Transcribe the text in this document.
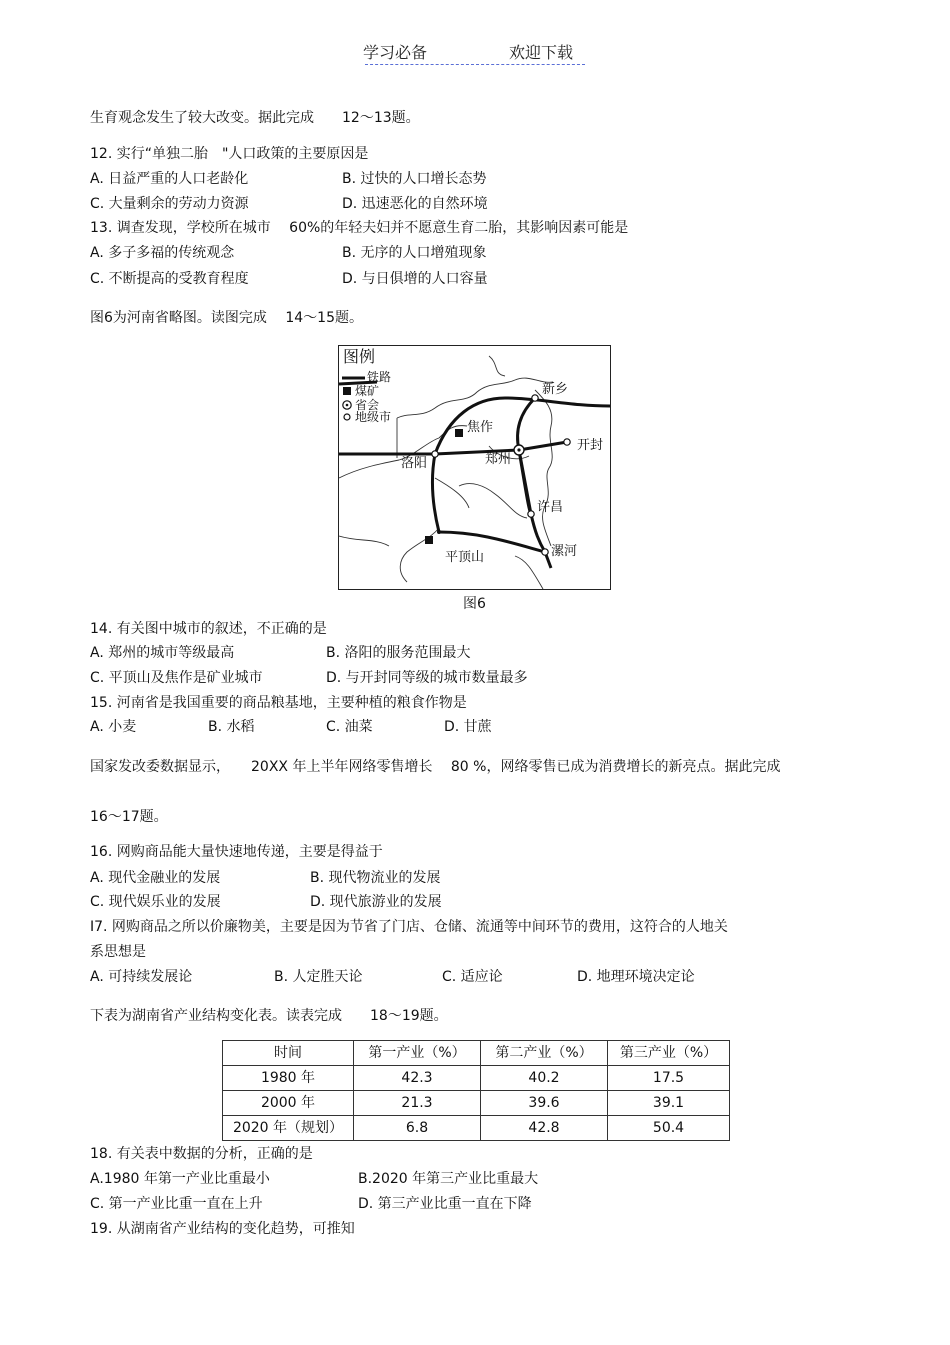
学习必备	欢迎下载
生育观念发生了较大改变。据此完成　　12～13题。
12. 实行“单独二胎　"人口政策的主要原因是
A. 日益严重的人口老龄化	B. 过快的人口增长态势
C. 大量剩余的劳动力资源	D. 迅速恶化的自然环境
13. 调查发现，学校所在城市　 60%的年轻夫妇并不愿意生育二胎，其影响因素可能是
A. 多子多福的传统观念	B. 无序的人口增殖现象
C. 不断提高的受教育程度	D. 与日俱增的人口容量
图6为河南省略图。读图完成　 14～15题。
图例
铁路
煤矿
省会
地级市
新乡
焦作
开封
洛阳	郑州
许昌
平顶山	漯河
图6
14. 有关图中城市的叙述，不正确的是
A. 郑州的城市等级最高	B. 洛阳的服务范围最大
C. 平顶山及焦作是矿业城市	D. 与开封同等级的城市数量最多
15. 河南省是我国重要的商品粮基地，主要种植的粮食作物是
A. 小麦	B. 水稻	C. 油菜	D. 甘蔗
国家发改委数据显示，　　20XX 年上半年网络零售增长　 80 %，网络零售已成为消费增长的新亮点。据此完成
16～17题。
16. 网购商品能大量快速地传递，主要是得益于
A. 现代金融业的发展	B. 现代物流业的发展
C. 现代娱乐业的发展	D. 现代旅游业的发展
I7. 网购商品之所以价廉物美，主要是因为节省了门店、仓储、流通等中间环节的费用，这符合的人地关
系思想是
A. 可持续发展论	B. 人定胜天论	C. 适应论	D. 地理环境决定论
下表为湖南省产业结构变化表。读表完成　　18～19题。
时间	第一产业（%）	第二产业（%）	第三产业（%）
1980 年	42.3	40.2	17.5
2000 年	21.3	39.6	39.1
2020 年（规划）	6.8	42.8	50.4
18. 有关表中数据的分析，正确的是
A.1980 年第一产业比重最小	B.2020 年第三产业比重最大
C. 第一产业比重一直在上升	D. 第三产业比重一直在下降
19. 从湖南省产业结构的变化趋势，可推知
